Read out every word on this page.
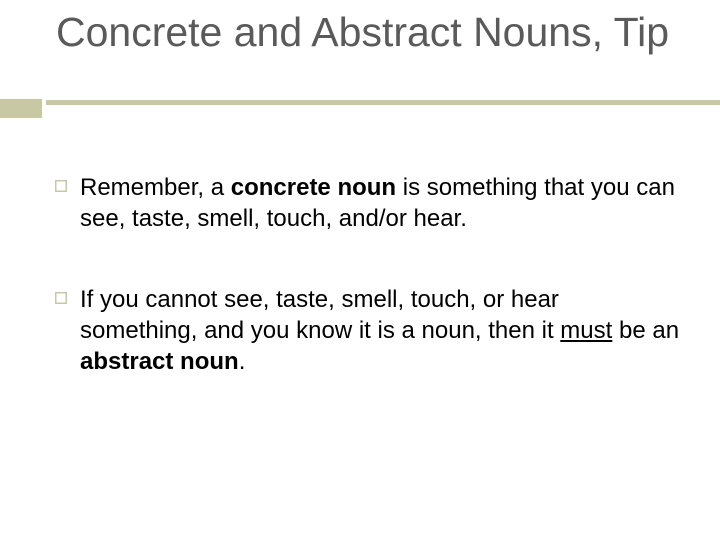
Concrete and Abstract Nouns, Tip
Remember, a concrete noun is something that you can see, taste, smell, touch, and/or hear.
If you cannot see, taste, smell, touch, or hear something, and you know it is a noun, then it must be an abstract noun.
